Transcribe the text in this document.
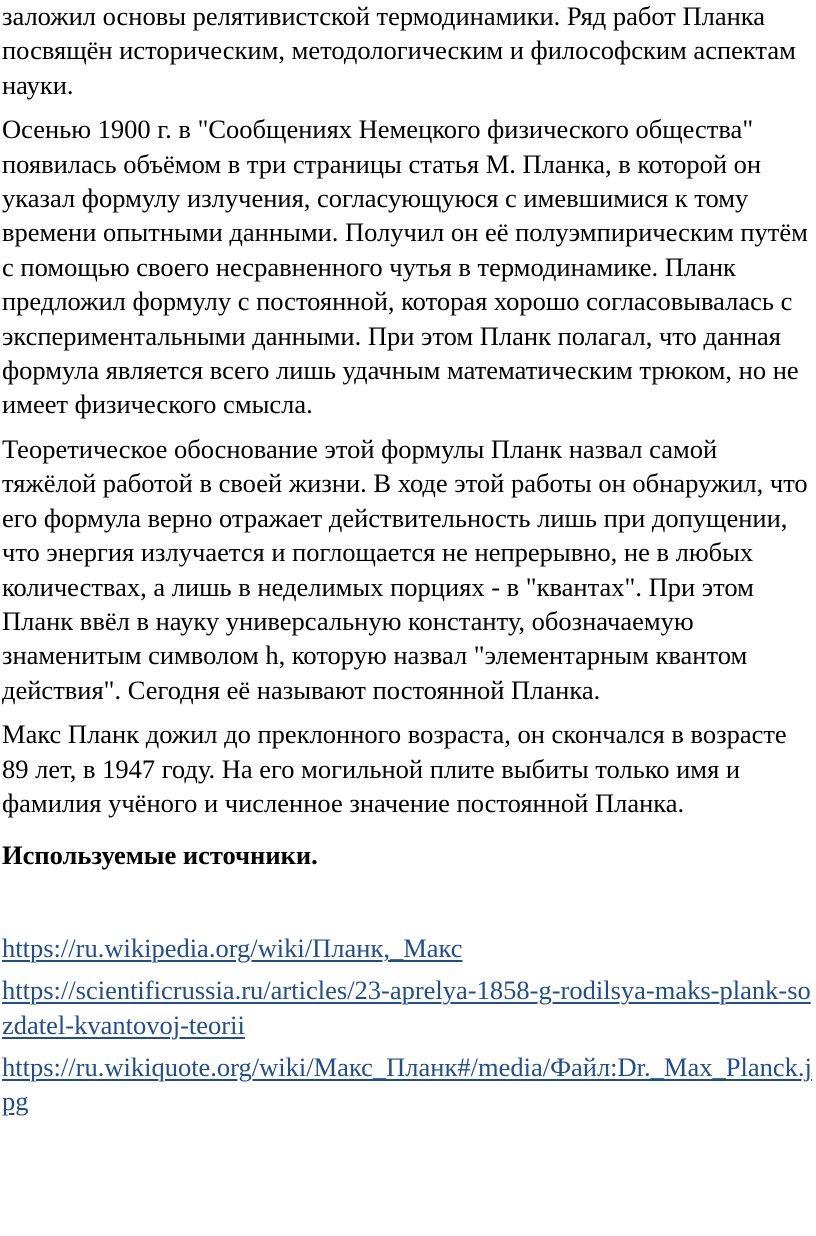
заложил основы релятивистской термодинамики. Ряд работ Планка посвящён историческим, методологическим и философским аспектам науки.

Осенью 1900 г. в "Сообщениях Немецкого физического общества" появилась объёмом в три страницы статья М. Планка, в которой он указал формулу излучения, согласующуюся с имевшимися к тому времени опытными данными. Получил он её полуэмпирическим путём с помощью своего несравненного чутья в термодинамике. Планк предложил формулу с постоянной, которая хорошо согласовывалась с экспериментальными данными. При этом Планк полагал, что данная формула является всего лишь удачным математическим трюком, но не имеет физического смысла.

Теоретическое обоснование этой формулы Планк назвал самой тяжёлой работой в своей жизни. В ходе этой работы он обнаружил, что его формула верно отражает действительность лишь при допущении, что энергия излучается и поглощается не непрерывно, не в любых количествах, а лишь в неделимых порциях - в "квантах". При этом Планк ввёл в науку универсальную константу, обозначаемую знаменитым символом h, которую назвал "элементарным квантом действия". Сегодня её называют постоянной Планка.

Макс Планк дожил до преклонного возраста, он скончался в возрасте 89 лет, в 1947 году. На его могильной плите выбиты только имя и фамилия учёного и численное значение постоянной Планка.

Используемые источники.
https://ru.wikipedia.org/wiki/Планк,_Макс
https://scientificrussia.ru/articles/23-aprelya-1858-g-rodilsya-maks-plank-sozdatel-kvantovoj-teorii
https://ru.wikiquote.org/wiki/Макс_Планк#/media/Файл:Dr._Max_Planck.jpg
